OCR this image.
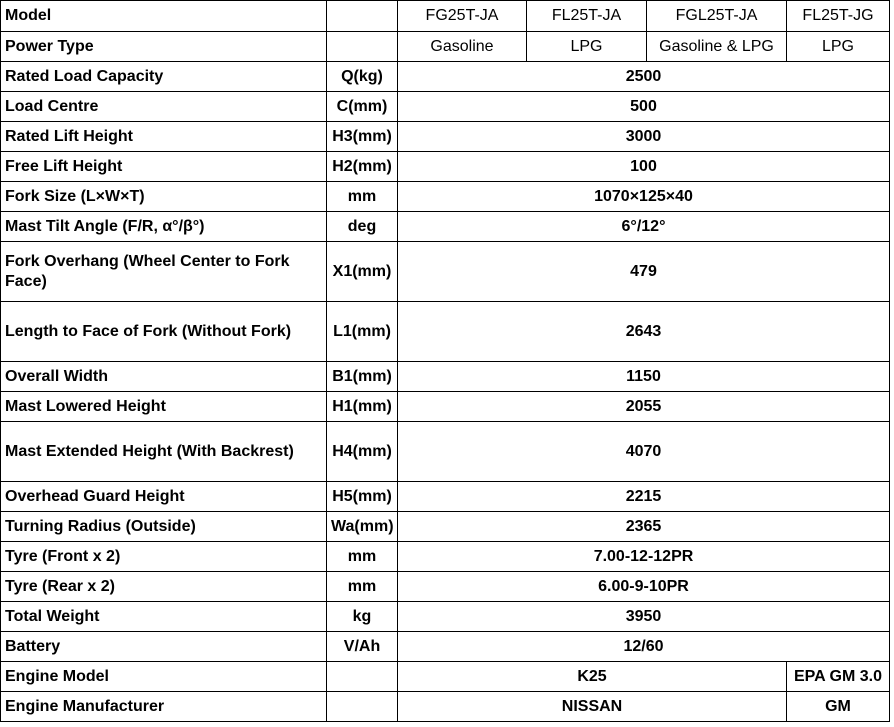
Model		FG25T-JA	FL25T-JA	FGL25T-JA	FL25T-JG
Power Type		Gasoline	LPG	Gasoline & LPG	LPG
Rated Load Capacity	Q(kg)	2500			
Load Centre	C(mm)	500			
Rated Lift Height	H3(mm)	3000			
Free Lift Height	H2(mm)	100			
Fork Size (L×W×T)	mm	1070×125×40			
Mast Tilt Angle (F/R, α°/β°)	deg	6°/12°			
Fork Overhang (Wheel Center to Fork Face)	X1(mm)	479			
Length to Face of Fork (Without Fork)	L1(mm)	2643			
Overall Width	B1(mm)	1150			
Mast Lowered Height	H1(mm)	2055			
Mast Extended Height (With Backrest)	H4(mm)	4070			
Overhead Guard Height	H5(mm)	2215			
Turning Radius (Outside)	Wa(mm)	2365			
Tyre (Front x 2)	mm	7.00-12-12PR			
Tyre (Rear x 2)	mm	6.00-9-10PR			
Total Weight	kg	3950			
Battery	V/Ah	12/60			
Engine Model		K25			EPA GM 3.0
Engine Manufacturer		NISSAN			GM
